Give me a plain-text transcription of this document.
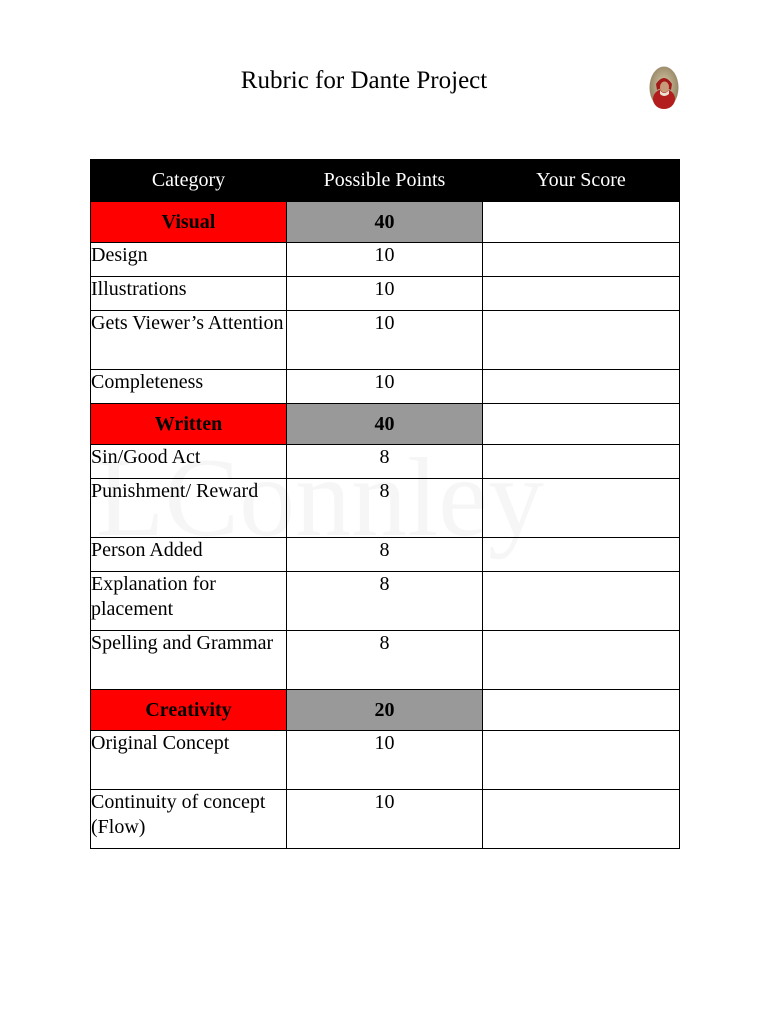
Rubric for Dante Project
Category	Possible Points	Your Score
Visual	40	
Design	10	
Illustrations	10	
Gets Viewer’s Attention	10	
Completeness	10	
Written	40	
Sin/Good Act	8	
Punishment/ Reward	8	
Person Added	8	
Explanation for placement	8	
Spelling and Grammar	8	
Creativity	20	
Original Concept	10	
Continuity of concept (Flow)	10	
